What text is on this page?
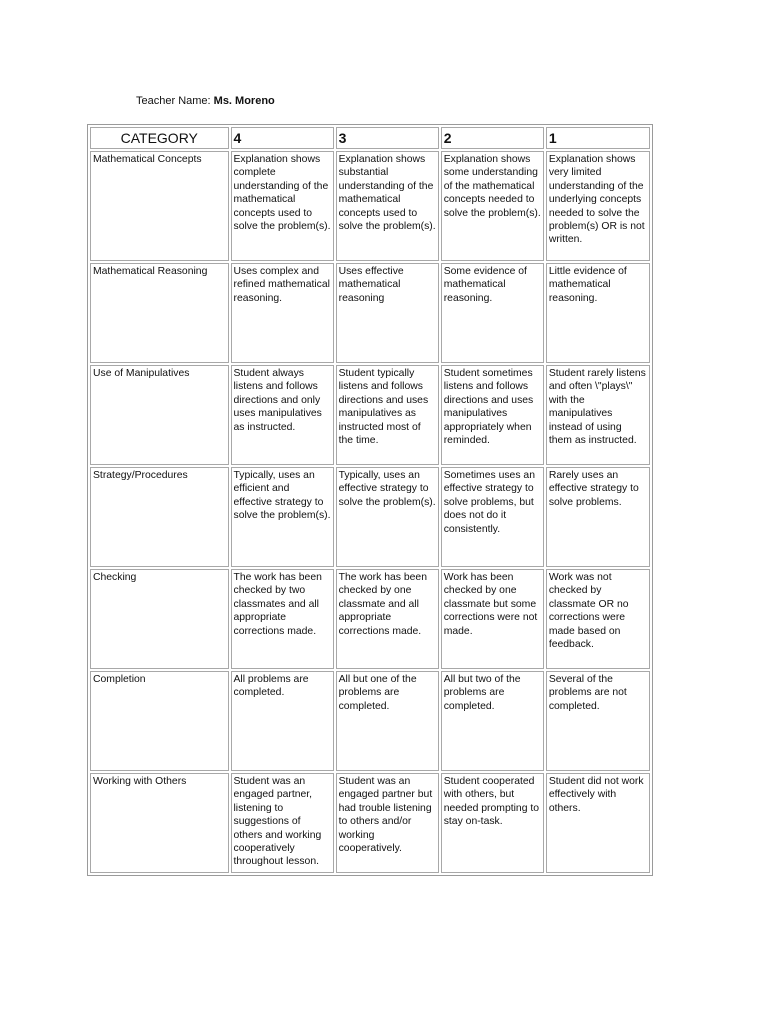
Teacher Name: Ms. Moreno
CATEGORY	4	3	2	1
Mathematical Concepts	Explanation shows complete understanding of the mathematical concepts used to solve the problem(s).	Explanation shows substantial understanding of the mathematical concepts used to solve the problem(s).	Explanation shows some understanding of the mathematical concepts needed to solve the problem(s).	Explanation shows very limited understanding of the underlying concepts needed to solve the problem(s) OR is not written.
Mathematical Reasoning	Uses complex and refined mathematical reasoning.	Uses effective mathematical reasoning	Some evidence of mathematical reasoning.	Little evidence of mathematical reasoning.
Use of Manipulatives	Student always listens and follows directions and only uses manipulatives as instructed.	Student typically listens and follows directions and uses manipulatives as instructed most of the time.	Student sometimes listens and follows directions and uses manipulatives appropriately when reminded.	Student rarely listens and often \"plays\" with the manipulatives instead of using them as instructed.
Strategy/Procedures	Typically, uses an efficient and effective strategy to solve the problem(s).	Typically, uses an effective strategy to solve the problem(s).	Sometimes uses an effective strategy to solve problems, but does not do it consistently.	Rarely uses an effective strategy to solve problems.
Checking	The work has been checked by two classmates and all appropriate corrections made.	The work has been checked by one classmate and all appropriate corrections made.	Work has been checked by one classmate but some corrections were not made.	Work was not checked by classmate OR no corrections were made based on feedback.
Completion	All problems are completed.	All but one of the problems are completed.	All but two of the problems are completed.	Several of the problems are not completed.
Working with Others	Student was an engaged partner, listening to suggestions of others and working cooperatively throughout lesson.	Student was an engaged partner but had trouble listening to others and/or working cooperatively.	Student cooperated with others, but needed prompting to stay on-task.	Student did not work effectively with others.
